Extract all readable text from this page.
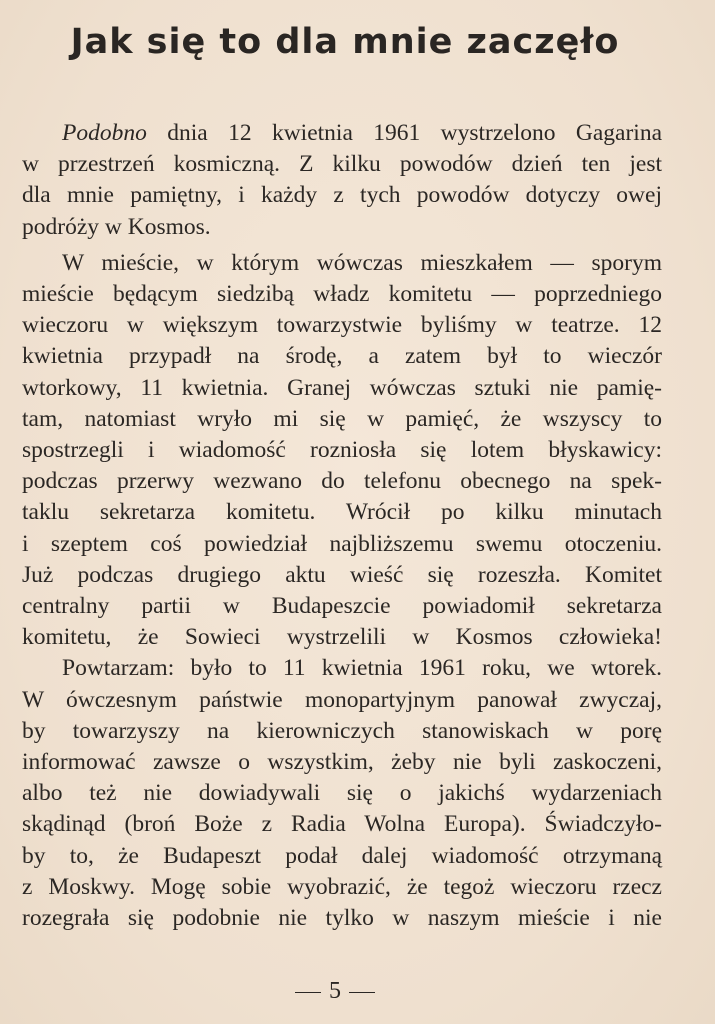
Jak się to dla mnie zaczęło
Podobno dnia 12 kwietnia 1961 wystrzelono Gagarina
w przestrzeń kosmiczną. Z kilku powodów dzień ten jest
dla mnie pamiętny, i każdy z tych powodów dotyczy owej
podróży w Kosmos.
W mieście, w którym wówczas mieszkałem — sporym
mieście będącym siedzibą władz komitetu — poprzedniego
wieczoru w większym towarzystwie byliśmy w teatrze. 12
kwietnia przypadł na środę, a zatem był to wieczór
wtorkowy, 11 kwietnia. Granej wówczas sztuki nie pamię-
tam, natomiast wryło mi się w pamięć, że wszyscy to
spostrzegli i wiadomość rozniosła się lotem błyskawicy:
podczas przerwy wezwano do telefonu obecnego na spek-
taklu sekretarza komitetu. Wrócił po kilku minutach
i szeptem coś powiedział najbliższemu swemu otoczeniu.
Już podczas drugiego aktu wieść się rozeszła. Komitet
centralny partii w Budapeszcie powiadomił sekretarza
komitetu, że Sowieci wystrzelili w Kosmos człowieka!
Powtarzam: było to 11 kwietnia 1961 roku, we wtorek.
W ówczesnym państwie monopartyjnym panował zwyczaj,
by towarzyszy na kierowniczych stanowiskach w porę
informować zawsze o wszystkim, żeby nie byli zaskoczeni,
albo też nie dowiadywali się o jakichś wydarzeniach
skądinąd (broń Boże z Radia Wolna Europa). Świadczyło-
by to, że Budapeszt podał dalej wiadomość otrzymaną
z Moskwy. Mogę sobie wyobrazić, że tegoż wieczoru rzecz
rozegrała się podobnie nie tylko w naszym mieście i nie
5
